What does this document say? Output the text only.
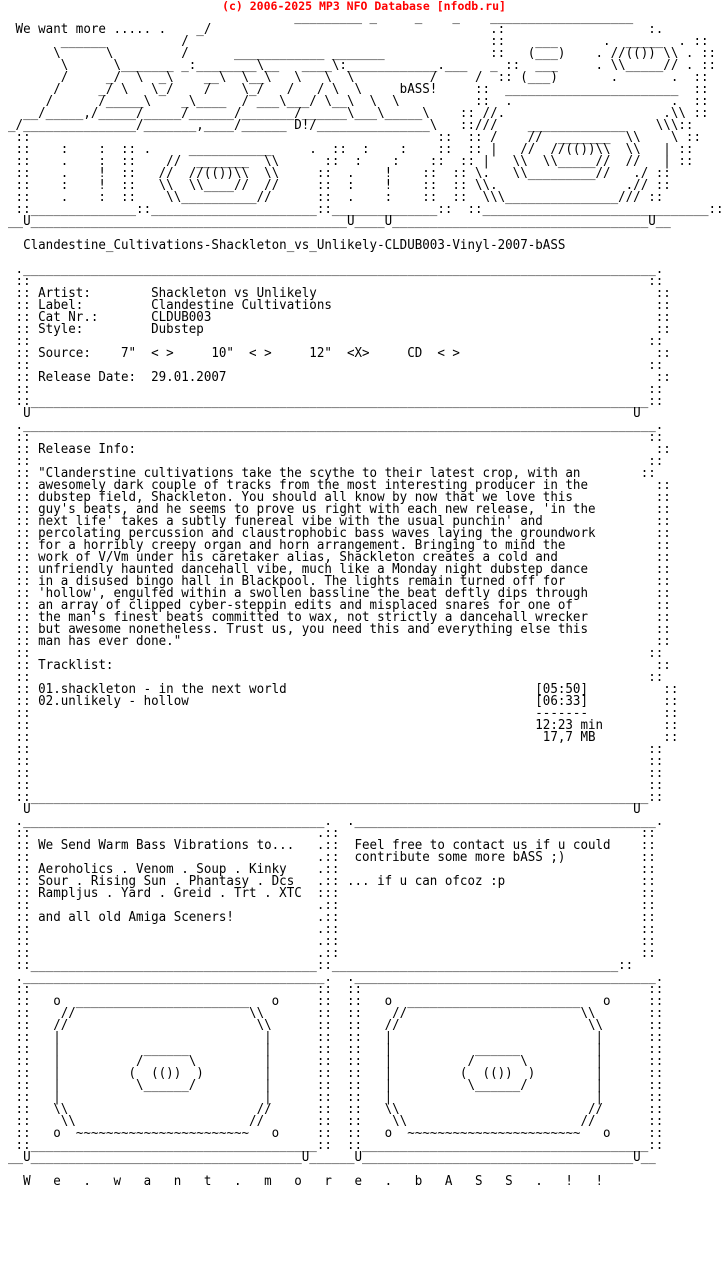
(c) 2006-2025 MP3 NFO Database [nfodb.ru]
_________ _     _    _    ___________________
We want more ..... .    _/                                     .:                   :.
______          /                                        ::    ___      .  _____  . ::
\      \         /      ____________ _______              ::   (___)    . //(()) \\ . ::
\      \_______ _:________\__   ____\:____________.___   _ ::  ___     . \\_____// . ::
/     _/  \  _\    __\  \__\   \   \  \          /     /  :: (___)       .       .  ::
/     _/ \   \_/    /    \_/   /   / \  \     bASS!     ::  _______________________  ::
/      /_____\    _\____  / ___\___/ \__\  \  \          ::  .                     .  ::
__/_____,/_____/_____/______/_______/______\___\_____\    :: //.                     .\\ ::
_/_______________/_______,____/______ D!/_______________\   ::///    _____________    \\\::
::                                                      ::  :: /    //  _______  \\    \ ::
::    :    :  :: .     ___________     .  ::  :    :    ::  :: |   //  //(())\\  \\   | ::
::    .    :  ::    //  _______  \\      ::  :    :    ::  :: |   \\  \\_____//  //   | ::
::    .    !  ::   //  //(())\\  \\     ::  .    !    ::  :: \.   \\_________//   ./ ::
::    :    !  ::   \\  \\____//  //     ::  :    !    ::  :: \\.                 .// ::
::    .    :  ::    \\__________//      ::  .    :    ::  ::  \\\_______________/// ::
::______________::______________________::______________::  ::______________________________::
__U__________________________________________U____U__________________________________U__

Clandestine_Cultivations-Shackleton_vs_Unlikely-CLDUB003-Vinyl-2007-bASS

.____________________________________________________________________________________.
::                                                                                  ::
:: Artist:        Shackleton vs Unlikely                                             ::
:: Label:         Clandestine Cultivations                                           ::
:: Cat Nr.:       CLDUB003                                                           ::
:: Style:         Dubstep                                                            ::
::                                                                                  ::
:: Source:    7"  < >     10"  < >     12"  <X>     CD  < >                          ::
::                                                                                  ::
:: Release Date:  29.01.2007                                                         ::
::                                                                                  ::
::__________________________________________________________________________________::
U                                                                                U
.____________________________________________________________________________________.
::                                                                                  ::
:: Release Info:                                                                     ::
::                                                                                  ::
:: "Clanderstine cultivations take the scythe to their latest crop, with an        ::
:: awesomely dark couple of tracks from the most interesting producer in the         ::
:: dubstep field, Shackleton. You should all know by now that we love this           ::
:: guy's beats, and he seems to prove us right with each new release, 'in the        ::
:: next life' takes a subtly funereal vibe with the usual punchin' and               ::
:: percolating percussion and claustrophobic bass waves laying the groundwork        ::
:: for a horribly creepy organ and horn arrangement. Bringing to mind the            ::
:: work of V/Vm under his caretaker alias, Shackleton creates a cold and             ::
:: unfriendly haunted dancehall vibe, much like a Monday night dubstep dance         ::
:: in a disused bingo hall in Blackpool. The lights remain turned off for            ::
:: 'hollow', engulfed within a swollen bassline the beat deftly dips through         ::
:: an array of clipped cyber-steppin edits and misplaced snares for one of           ::
:: the man's finest beats committed to wax, not strictly a dancehall wrecker         ::
:: but awesome nonetheless. Trust us, you need this and everything else this         ::
:: man has ever done."                                                               ::
::                                                                                  ::
:: Tracklist:                                                                        ::
::                                                                                  ::
:: 01.shackleton - in the next world                                 [05:50]          ::
:: 02.unlikely - hollow                                              [06:33]          ::
::                                                                   -------          ::
::                                                                   12:23 min        ::
::                                                                    17,7 MB         ::
::                                                                                  ::
::                                                                                  ::
::                                                                                  ::
::                                                                                  ::
::__________________________________________________________________________________::
U                                                                                U
.________________________________________.  .________________________________________.
::                                      .::                                        ::
:: We Send Warm Bass Vibrations to...   .::  Feel free to contact us if u could    ::
::                                      .::  contribute some more bASS ;)          ::
:: Aeroholics . Venom . Soup . Kinky    .::                                        ::
:: Sour . Rising Sun . Phantasy . Dcs   .:: ... if u can ofcoz :p                  ::
:: Rampljus . Yard . Greid . Trt . XTC  :::                                        ::
::                                      .::                                        ::
:: and all old Amiga Sceners!           .::                                        ::
::                                      .::                                        ::
::                                      .::                                        ::
::                                      .::                                        ::
::______________________________________::______________________________________::
.________________________________________.  .________________________________________.
::                                      ::  ::                                      ::
::   o  _______________________   o     ::  ::   o  _______________________   o     ::
::    //                       \\       ::  ::    //                       \\       ::
::   //                         \\      ::  ::   //                         \\      ::
::   |                           |      ::  ::   |                           |      ::
::   |           ______          |      ::  ::   |           ______          |      ::
::   |          /      \         |      ::  ::   |          /      \         |      ::
::   |         (  (())  )        |      ::  ::   |         (  (())  )        |      ::
::   |          \______/         |      ::  ::   |          \______/         |      ::
::   |                           |      ::  ::   |                           |      ::
::   \\                         //      ::  ::   \\                         //      ::
::    \\                       //       ::  ::    \\                       //       ::
::   o  ~~~~~~~~~~~~~~~~~~~~~~~   o     ::  ::   o  ~~~~~~~~~~~~~~~~~~~~~~~   o     ::
::______________________________________::  ::______________________________________::
__U____________________________________U______U____________________________________U__

W   e   .   w   a   n   t   .   m   o   r   e   .   b   A   S   S   .   !   !
